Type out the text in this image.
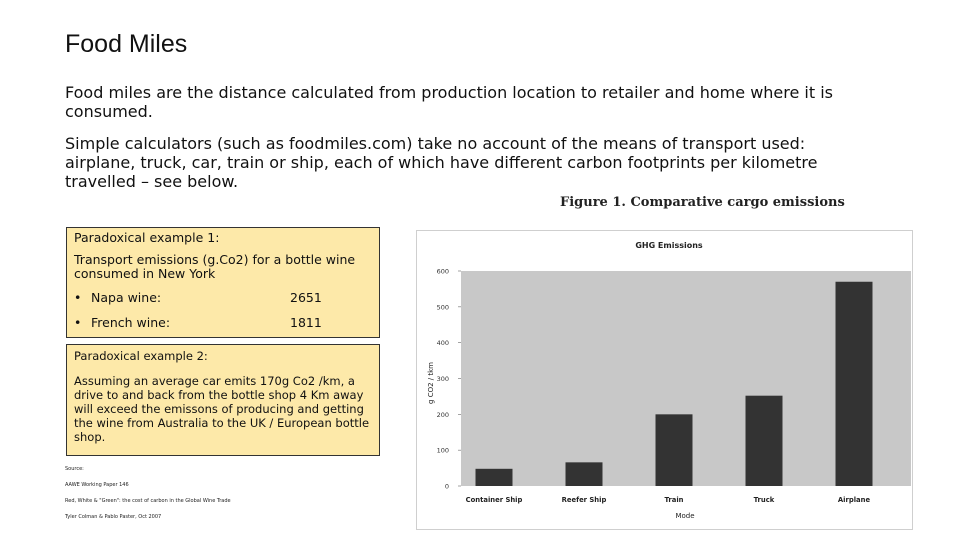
Food Miles
Food miles are the distance calculated from production location to retailer and home where it is consumed.
Simple calculators (such as foodmiles.com) take no account of the means of transport used: airplane, truck, car, train or ship, each of which have different carbon footprints per kilometre travelled – see below.
Figure 1. Comparative cargo emissions
Paradoxical example 1:
Transport emissions (g.Co2) for a bottle wine consumed in New York
• Napa wine:	2651
• French wine:	1811
Paradoxical example 2:
Assuming an average car emits 170g Co2 /km, a drive to and back from the bottle shop 4 Km away will exceed the emissons of producing and getting the wine from Australia to the UK / European bottle shop.
Source:
AAWE Working Paper 146
Red, White & "Green": the cost of carbon in the Global Wine Trade
Tyler Colman & Pablo Paster, Oct 2007
GHG Emissions
0
100
200
300
400
500
600
Container Ship	Reefer Ship	Train	Truck	Airplane
g CO2 / tkm
Mode
